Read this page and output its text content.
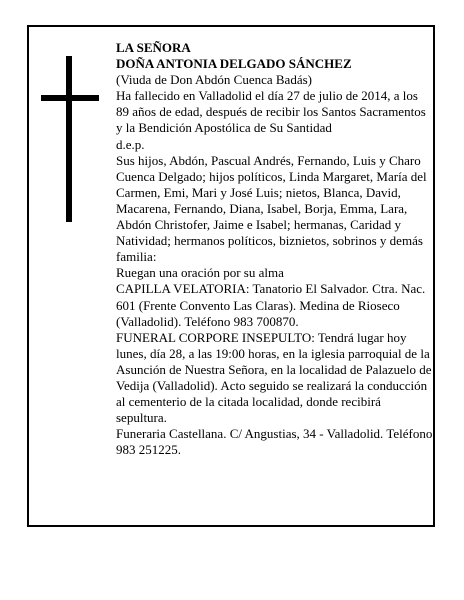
LA SEÑORA

DOÑA ANTONIA DELGADO SÁNCHEZ

(Viuda de Don Abdón Cuenca Badás)

Ha fallecido en Valladolid el día 27 de julio de 2014, a los 89 años de edad, después de recibir los Santos Sacramentos y la Bendición Apostólica de Su Santidad

d.e.p.

Sus hijos, Abdón, Pascual Andrés, Fernando, Luis y Charo Cuenca Delgado; hijos políticos, Linda Margaret, María del Carmen, Emi, Mari y José Luis; nietos, Blanca, David, Macarena, Fernando, Diana, Isabel, Borja, Emma, Lara, Abdón Christofer, Jaime e Isabel; hermanas, Caridad y Natividad; hermanos políticos, biznietos, sobrinos y demás familia:

Ruegan una oración por su alma

CAPILLA VELATORIA: Tanatorio El Salvador. Ctra. Nac. 601 (Frente Convento Las Claras). Medina de Rioseco (Valladolid). Teléfono 983 700870.

FUNERAL CORPORE INSEPULTO: Tendrá lugar hoy lunes, día 28, a las 19:00 horas, en la iglesia parroquial de la Asunción de Nuestra Señora, en la localidad de Palazuelo de Vedija (Valladolid). Acto seguido se realizará la conducción al cementerio de la citada localidad, donde recibirá sepultura.

Funeraria Castellana. C/ Angustias, 34 - Valladolid. Teléfono 983 251225.
